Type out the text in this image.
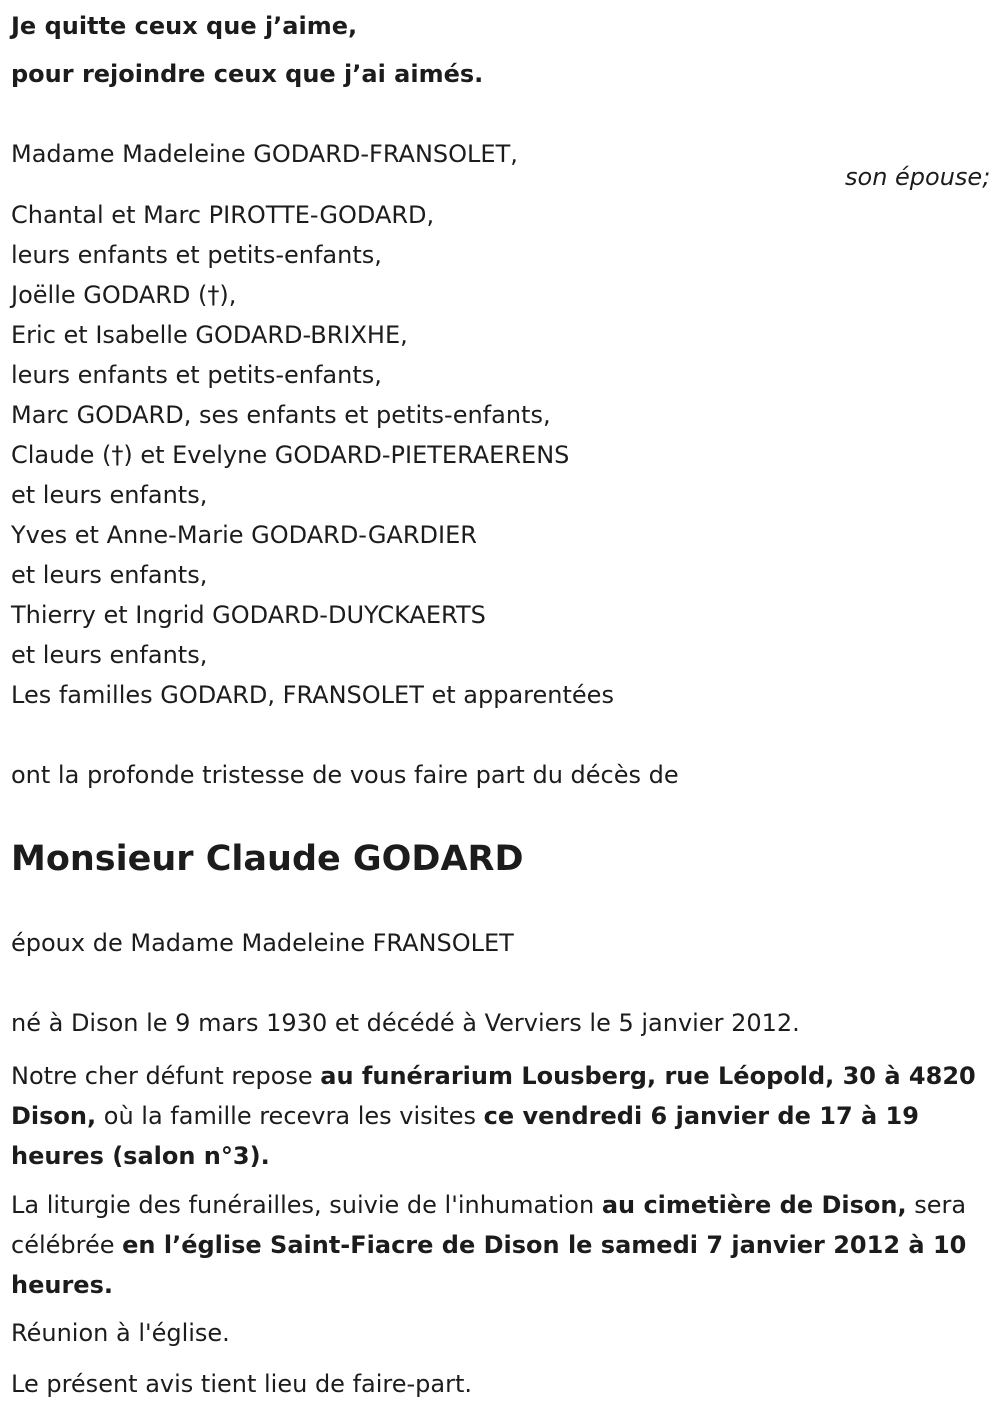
Je quitte ceux que j’aime,
pour rejoindre ceux que j’ai aimés.
Madame Madeleine GODARD-FRANSOLET,
Chantal et Marc PIROTTE-GODARD,
leurs enfants et petits-enfants,
Joëlle GODARD (†),
Eric et Isabelle GODARD-BRIXHE,
leurs enfants et petits-enfants,
Marc GODARD, ses enfants et petits-enfants,
Claude (†) et Evelyne GODARD-PIETERAERENS
et leurs enfants,
Yves et Anne-Marie GODARD-GARDIER
et leurs enfants,
Thierry et Ingrid GODARD-DUYCKAERTS
et leurs enfants,
Les familles GODARD, FRANSOLET et apparentées
ont la profonde tristesse de vous faire part du décès de
Monsieur Claude GODARD
époux de Madame Madeleine FRANSOLET
né à Dison le 9 mars 1930 et décédé à Verviers le 5 janvier 2012.
Notre cher défunt repose au funérarium Lousberg, rue Léopold, 30 à 4820 Dison, où la famille recevra les visites ce vendredi 6 janvier de 17 à 19 heures (salon n°3).
La liturgie des funérailles, suivie de l'inhumation au cimetière de Dison, sera célébrée en l’église Saint-Fiacre de Dison le samedi 7 janvier 2012 à 10 heures.
Réunion à l'église.
Le présent avis tient lieu de faire-part.
son épouse;
